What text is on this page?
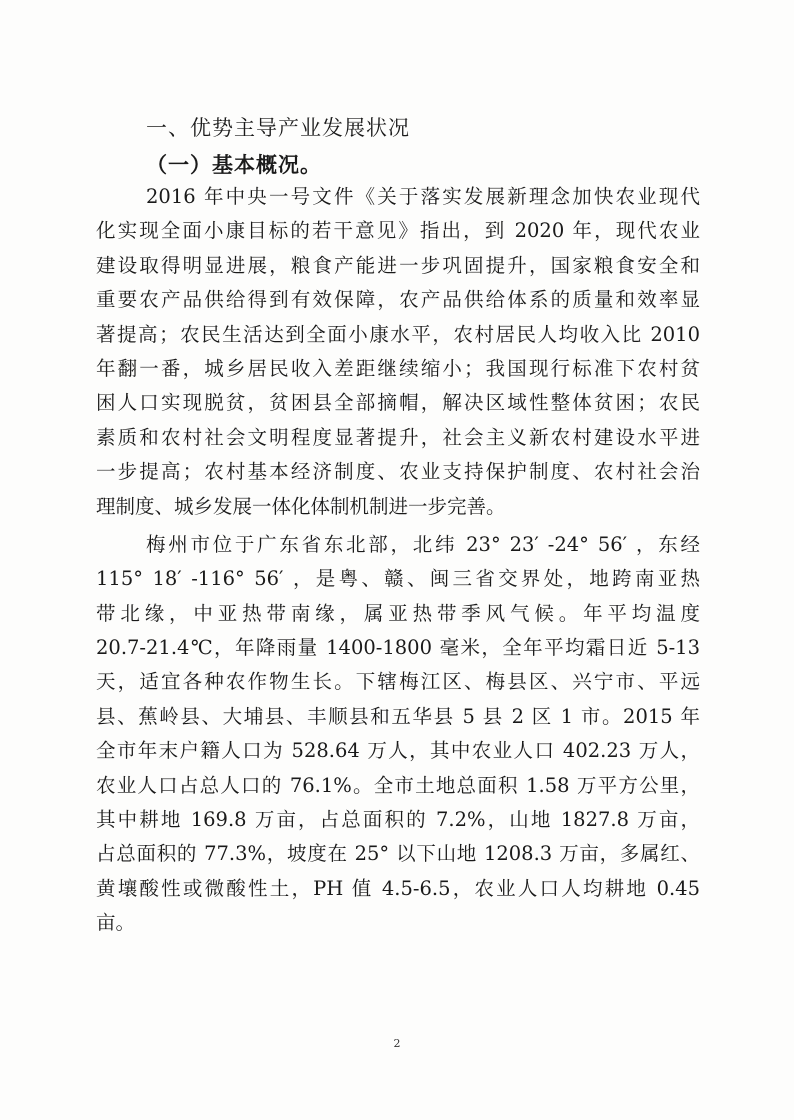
一、优势主导产业发展状况
（一）基本概况。
2016 年中央一号文件《关于落实发展新理念加快农业现代
化实现全面小康目标的若干意见》指出，到 2020 年，现代农业
建设取得明显进展，粮食产能进一步巩固提升，国家粮食安全和
重要农产品供给得到有效保障，农产品供给体系的质量和效率显
著提高；农民生活达到全面小康水平，农村居民人均收入比 2010
年翻一番，城乡居民收入差距继续缩小；我国现行标准下农村贫
困人口实现脱贫，贫困县全部摘帽，解决区域性整体贫困；农民
素质和农村社会文明程度显著提升，社会主义新农村建设水平进
一步提高；农村基本经济制度、农业支持保护制度、农村社会治
理制度、城乡发展一体化体制机制进一步完善。
梅州市位于广东省东北部，北纬 23° 23′ -24° 56′ ，东经
115° 18′ -116° 56′ ，是粤、赣、闽三省交界处，地跨南亚热
带北缘，中亚热带南缘，属亚热带季风气候。年平均温度
20.7-21.4℃，年降雨量 1400-1800 毫米，全年平均霜日近 5-13
天，适宜各种农作物生长。下辖梅江区、梅县区、兴宁市、平远
县、蕉岭县、大埔县、丰顺县和五华县 5 县 2 区 1 市。2015 年
全市年末户籍人口为 528.64 万人，其中农业人口 402.23 万人，
农业人口占总人口的 76.1%。全市土地总面积 1.58 万平方公里，
其中耕地 169.8 万亩，占总面积的 7.2%，山地 1827.8 万亩，
占总面积的 77.3%，坡度在 25° 以下山地 1208.3 万亩，多属红、
黄壤酸性或微酸性土，PH 值 4.5-6.5，农业人口人均耕地 0.45
亩。
2
